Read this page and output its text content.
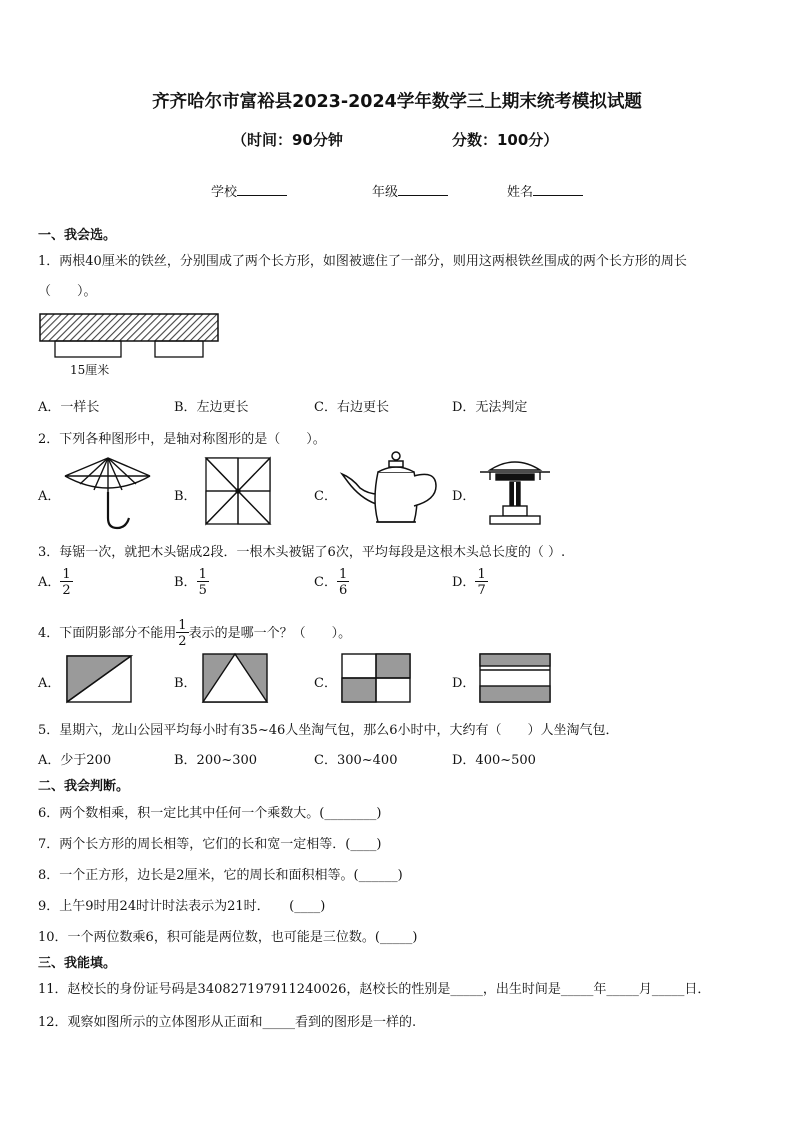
齐齐哈尔市富裕县2023-2024学年数学三上期末统考模拟试题
（时间：90分钟	分数：100分）
学校	年级	姓名
一、我会选。
1．两根40厘米的铁丝，分别围成了两个长方形，如图被遮住了一部分，则用这两根铁丝围成的两个长方形的周长
（　　）。
15厘米
A．一样长	B．左边更长	C．右边更长	D．无法判定
2．下列各种图形中，是轴对称图形的是（　　）。
A．	B．	C．	D．
3．每锯一次，就把木头锯成2段．一根木头被锯了6次，平均每段是这根木头总长度的（ ）.
A． $\frac{1}{2}$	B． $\frac{1}{5}$	C． $\frac{1}{6}$	D． $\frac{1}{7}$
4．下面阴影部分不能用 $\frac{1}{2}$ 表示的是哪一个？（　　）。
A．	B．	C．	D．
5．星期六，龙山公园平均每小时有35~46人坐淘气包，那么6小时中，大约有（　　）人坐淘气包．
A．少于200	B．200~300	C．300~400	D．400~500
二、我会判断。
6．两个数相乘，积一定比其中任何一个乘数大。(________)
7．两个长方形的周长相等，它们的长和宽一定相等．(____)
8．一个正方形，边长是2厘米，它的周长和面积相等。(______)
9．上午9时用24时计时法表示为21时．　　(____)
10．一个两位数乘6，积可能是两位数，也可能是三位数。(_____)
三、我能填。
11．赵校长的身份证号码是340827197911240026，赵校长的性别是_____，出生时间是_____年_____月_____日．
12．观察如图所示的立体图形从正面和_____看到的图形是一样的.
